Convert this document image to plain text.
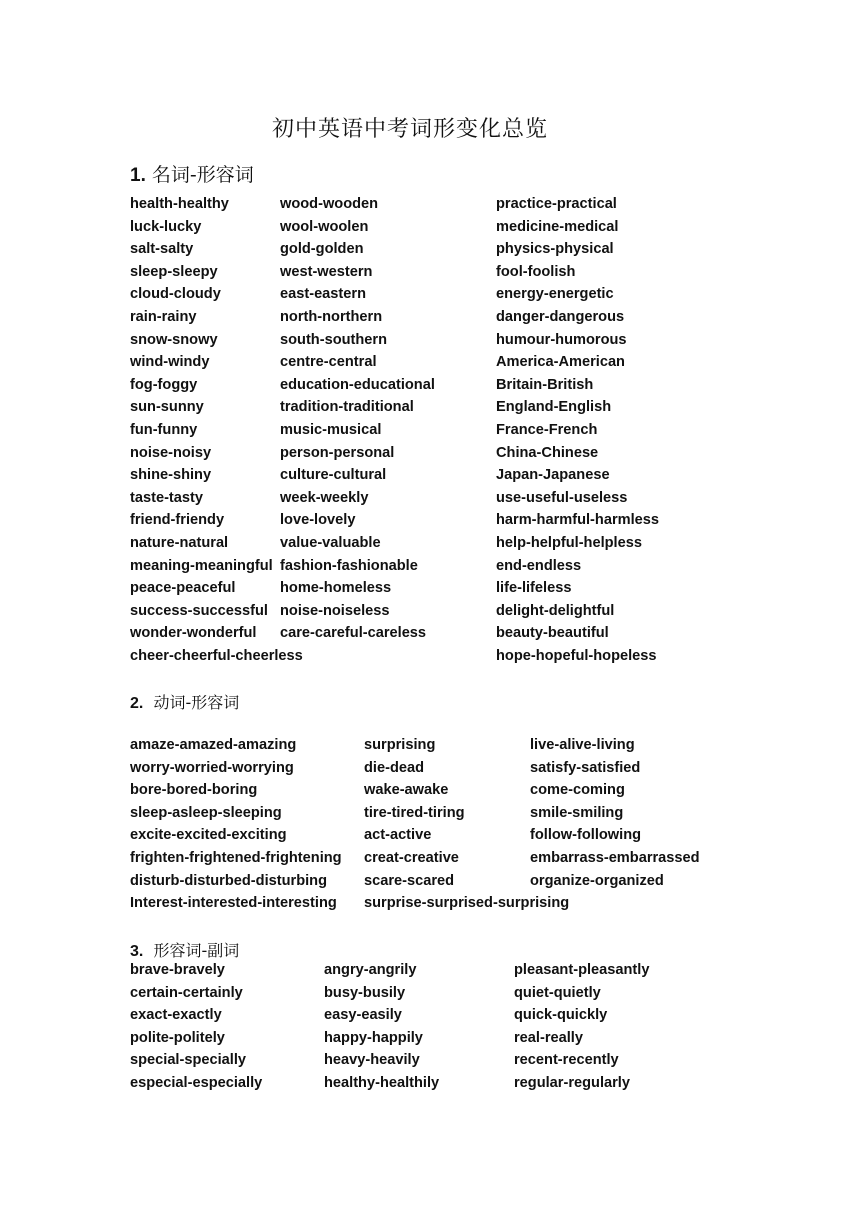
初中英语中考词形变化总览
1. 名词-形容词
health-healthy	wood-wooden	practice-practical
luck-lucky	wool-woolen	medicine-medical
salt-salty	gold-golden	physics-physical
sleep-sleepy	west-western	fool-foolish
cloud-cloudy	east-eastern	energy-energetic
rain-rainy	north-northern	danger-dangerous
snow-snowy	south-southern	humour-humorous
wind-windy	centre-central	America-American
fog-foggy	education-educational	Britain-British
sun-sunny	tradition-traditional	England-English
fun-funny	music-musical	France-French
noise-noisy	person-personal	China-Chinese
shine-shiny	culture-cultural	Japan-Japanese
taste-tasty	week-weekly	use-useful-useless
friend-friendy	love-lovely	harm-harmful-harmless
nature-natural	value-valuable	help-helpful-helpless
meaning-meaningful fashion-fashionable	end-endless
peace-peaceful	home-homeless	life-lifeless
success-successful noise-noiseless	delight-delightful
wonder-wonderful care-careful-careless	beauty-beautiful
cheer-cheerful-cheerless	hope-hopeful-hopeless
2. 动词-形容词
amaze-amazed-amazing	surprising	live-alive-living
worry-worried-worrying	die-dead	satisfy-satisfied
bore-bored-boring	wake-awake	come-coming
sleep-asleep-sleeping	tire-tired-tiring	smile-smiling
excite-excited-exciting	act-active	follow-following
frighten-frightened-frightening creat-creative	embarrass-embarrassed
disturb-disturbed-disturbing	scare-scared	organize-organized
Interest-interested-interesting surprise-surprised-surprising
3. 形容词-副词
brave-bravely	angry-angrily	pleasant-pleasantly
certain-certainly	busy-busily	quiet-quietly
exact-exactly	easy-easily	quick-quickly
polite-politely	happy-happily	real-really
special-specially	heavy-heavily	recent-recently
especial-especially	healthy-healthily	regular-regularly
